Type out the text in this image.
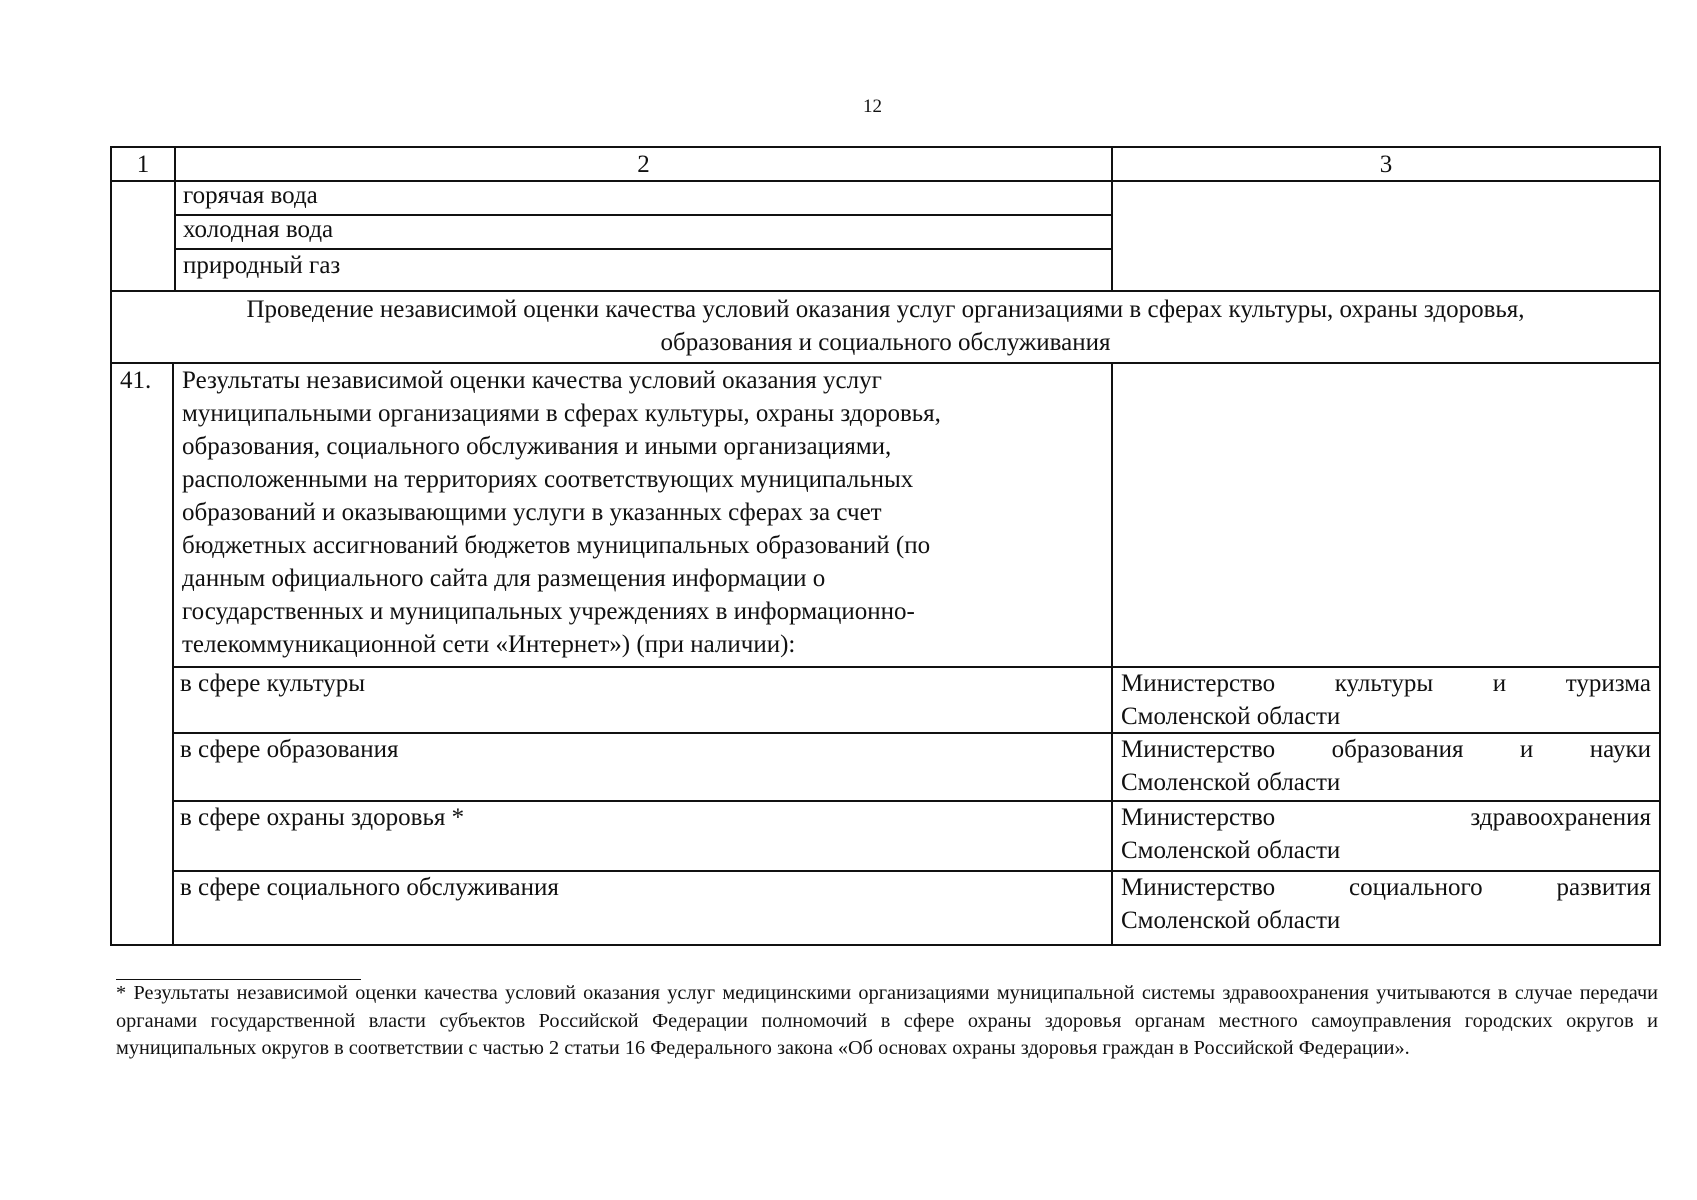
12
1	2	3
горячая вода
холодная вода
природный газ
Проведение независимой оценки качества условий оказания услуг организациями в сферах культуры, охраны здоровья,
образования и социального обслуживания
41.	Результаты независимой оценки качества условий оказания услуг
муниципальными организациями в сферах культуры, охраны здоровья,
образования, социального обслуживания и иными организациями,
расположенными на территориях соответствующих муниципальных
образований и оказывающими услуги в указанных сферах за счет
бюджетных ассигнований бюджетов муниципальных образований (по
данным официального сайта для размещения информации о
государственных и муниципальных учреждениях в информационно-
телекоммуникационной сети «Интернет») (при наличии):
в сфере культуры	Министерство культуры и туризма
Смоленской области
в сфере образования	Министерство образования и науки
Смоленской области
в сфере охраны здоровья *	Министерство здравоохранения
Смоленской области
в сфере социального обслуживания	Министерство социального развития
Смоленской области
* Результаты независимой оценки качества условий оказания услуг медицинскими организациями муниципальной системы здравоохранения учитываются в случае передачи органами государственной власти субъектов Российской Федерации полномочий в сфере охраны здоровья органам местного самоуправления городских округов и муниципальных округов в соответствии с частью 2 статьи 16 Федерального закона «Об основах охраны здоровья граждан в Российской Федерации».
